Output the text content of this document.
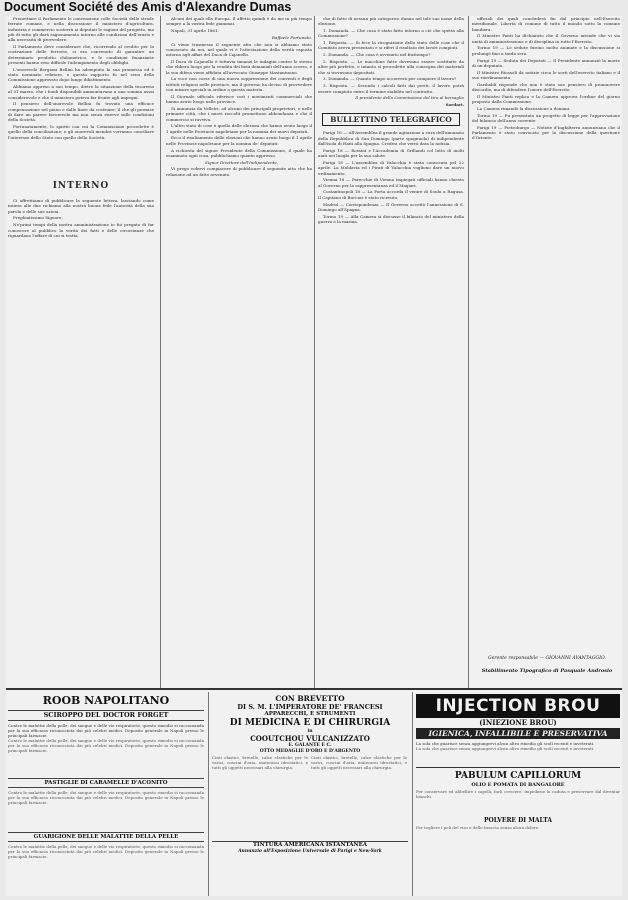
Document Société des Amis d'Alexandre Dumas

Prenettiare il Parlamento le convenzione colle Società delle strade ferrate romane, e nella discussione il ministero d'agricoltura, industria e commercio sosterrà ai deputati le ragioni del progetto, ma più di tutto gli darà ragionamento intorno alle condizioni dell'erario e alla necessità di provvedere.

Il Parlamento deve considerare che, ricorrendo al credito per la costruzione delle ferrovie, si era convenuto di garantire un determinato prodotto chilometrico, e le condizioni finanziarie presenti hanno reso difficile l'adempimento degli obblighi.

L'onorevole Bergami Bellini ha adempiuto la sua promessa ed è stato nominato relatore, e questo rapporto fu nel seno della Commissione approvato dopo lungo dibattimento.

Abbiamo appreso a suo tempo, dietro la situazione della tesoreria al 31 marzo, che i fondi disponibili ammontavano a una somma assai considerevole e che il ministero poteva far fronte agli impegni.

Il pensiero dell'onorevole Bellini fu trovato una efficace compensazione nel piano e dalle linee da costruire; il che gli permise di dare un parere favorevole ma non senza riserve sulle condizioni della Società.

Fortunatamente, lo spirito con cui la Commissione procedette è quello della conciliazione; e gli onorevoli membri vorranno conciliare l'interesse dello Stato con quello della Società.

INTERNO

Ci affrettiamo di pubblicare la seguente lettera, lasciando come intiera alle due richiamo alla nostra buona fede l'autorità della sua parola e delle sue azioni.

Preghiatissimo Signore,

Ne'primi tempi della nostra amministrazione io fui pregato di far conoscere al pubblico la verità dei fatti e delle circostanze che riguardano l'affare di cui si tratta.

Alcuni dei quali ella Europa. Il affetto quindi è da me in più tempo sempre a la vostra fede giammai.

Napoli, 31 aprile 1861.

Raffaele Fortunato.

Ci viene trasmesso il seguente atto che non si abbiamo stato conosciuto da noi, nel quale vi è l'attestazione della verità esposta intorno agli affari del Duca di Cajanello.

Il Duca di Cajanello è tuttavia innanzi le indagini contro lo stesso che ebbero luogo per la vendita dei beni demaniali dell'anno scorso, e la sua difesa viene affidata all'avvocato Giuseppe Mastantuono.

La voce non corse di una nuova soppressione dei conventi e degli istituti religiosi nelle province, ma il governo ha deciso di provvedere con misure speciali in ordine a questa materia.

Il Giornale ufficiale riferisce così i movimenti commerciali che hanno avuto luogo nelle province.

Si annunzia da Velletri, ad alcuno dei principali proprietari, e nelle primarie città, che i nuovi raccolti promettono abbondanza e che il commercio si ravviva.

L'altro stato di cose è quello delle elezioni che hanno avuto luogo il 1 aprile nelle Provincie napoletane per la nomina dei nuovi deputati.

Ecco il risultamento delle elezioni che hanno avuto luogo il 1 aprile nelle Provincie napoletane per la nomina de' deputati:

A richiesta del signor Presidente della Commissione, il quale ha esaminato ogni cosa, pubblichiamo quanto appresso.

Signor Direttore dell'Indipendente,

Vi prego volervi compiacere di pubblicare il seguente atto che ha relazione ad un fatto avvenuto.

che di fatto di nessun più categorico dunno nel tale suo nome della elezione.

1. Domanda. — Che cosa è stato fatto intorno a ciò che spetta alla Commissione?

1. Risposta. — Si fece la ricognizione dello stato delle cose che il Comitato aveva presentato e si riferì il risultato dei lavori compiuti.

2. Domanda. — Che cosa è avvenuto nel frattempo?

2. Risposta. — Le macchine fatte dovevano essere sostituite da altre più perfette, e intanto si procedette alla consegna dei materiali che si trovavano depositati.

3. Domanda. — Quanto tempo occorrerà per compiere il lavoro?

3. Risposta. — Secondo i calcoli fatti dai periti, il lavoro potrà essere compiuto entro il termine stabilito nel contratto.

Il presidente della Commissione del tiro al bersaglio

Sardari.

BULLETTINO TELEGRAFICO

Parigi 18 — All'Assemblea il grande agitazione a cura dell'annunzio della Repubblica di San Domingo (parte spagnuola) di indipendente dall'isola di Haiti alla Spagna. Credesi che verrà data la notizia.

Parigi 18 — Rossini e l'Accademia di Grillandi col lutto di molti aiuti nei luoghi per la sua salute.

Parigi 18 — L'assemblea di Valacchia è stata convocata pel 22 aprile. La Moldavia ed i Pirati di Valacchia vogliono dare un nuovo ordinamento.

Vienna 18 — Parecchie di Vienna impiegati ufficiali hanno chiesto al Governo per la rappresentanza ed il Magiari.

Costantinopoli 18 — La Porta accorda il venire di Soulu a Ragusa. Il Capitano di Buccari è stato ricevuto.

Madrid — Corrispondenza — Il Governo accettò l'annessione di S. Domingo all'Spagna.

Torino 19 — Alla Camera si discusse il bilancio del ministero della guerra e la marina.

ufficiali dei quali concluderà fin dal principio nell'Esercito meridionale. Libertà di comune di tutto il mondo sotto la comune bandiera.

Il Ministro Fanti ha dichiarato che il Governo intende che vi sia unità di amministrazione e di disciplina in tutto l'Esercito.

Torino 19 — Le sedute furono molto animate e la discussione si prolungò fino a tarda sera.

Parigi 19 — Seduta dei Deputati — Il Presidente annunziò la morte di un deputato.

Il Ministro Ricasoli dà notizie circa le sorti dell'esercito italiano e il suo riordinamento.

Garibaldi risponde che non è stato suo pensiero di promuovere discordie, ma di difendere l'onore dell'Esercito.

Il Ministro Fanti replica e la Camera approva l'ordine del giorno proposto dalla Commissione.

La Camera rimandò la discussione a domani.

Torino 19 — Fu presentato un progetto di legge per l'approvazione del bilancio dell'anno corrente.

Parigi 19 — Pietroburgo — Notizie d'Inghilterra annunziano che il Parlamento è stato convocato per la discussione della questione d'Oriente.

Gerente responsabile — GIOVANNI AVANTAGGIO.
Stabilimento Tipografico di Pasquale Androsio
ROOB NAPOLITANO
SCIROPPO DEL DOCTOR FORGET
Contro le malattie della pelle, dei sangue e delle vie respiratorie, questo rimedio si raccomanda per la sua efficacia riconosciuta dai più celebri medici. Deposito generale in Napoli presso le principali farmacie.
Contro le malattie della pelle, dei sangue e delle vie respiratorie, questo rimedio si raccomanda per la sua efficacia riconosciuta dai più celebri medici. Deposito generale in Napoli presso le principali farmacie.
PASTIGLIE DI CARAMELLE D'ACONITO
Contro le malattie della pelle, dei sangue e delle vie respiratorie, questo rimedio si raccomanda per la sua efficacia riconosciuta dai più celebri medici. Deposito generale in Napoli presso le principali farmacie.
GUARIGIONE DELLE MALATTIE DELLA PELLE
Contro le malattie della pelle, dei sangue e delle vie respiratorie, questo rimedio si raccomanda per la sua efficacia riconosciuta dai più celebri medici. Deposito generale in Napoli presso le principali farmacie.
CON BREVETTO
DI S. M. L'IMPERATORE DE' FRANCESI
APPARECCHI, E STRUMENTI
DI MEDICINA E DI CHIRURGIA
in
COOUTCHOU VULCANIZZATO
E. GALANTE E C.
OTTO MEDAGLIE D'ORO E D'ARGENTO
Cinti elastici, bretelle, calze elastiche per le varici, cuscini d'aria, materassi idrostatici, e tutti gli oggetti necessari alla chirurgia.
Cinti elastici, bretelle, calze elastiche per le varici, cuscini d'aria, materassi idrostatici, e tutti gli oggetti necessari alla chirurgia.
TINTURA AMERICANA ISTANTANEA
Annunzio all'Esposizione Universale di Parigi e New-York
INJECTION BROU
(INIEZIONE BROU)
IGIENICA, INFALLIBILE E PRESERVATIVA
La sola che guarisce senza aggiungervi alcun altro rimedio gli scoli recenti e inveterati.
La sola che guarisce senza aggiungervi alcun altro rimedio gli scoli recenti e inveterati.
PABULUM CAPILLORUM
OLIO E POMATA DI BANGALORE
Per conservare ed abbellire i capelli, farli crescere, impedirne la caduta e preservare dal diventar bianchi.
POLVERE DI MALTA
Per togliere i peli del viso e delle braccia senza alcun dolore.
